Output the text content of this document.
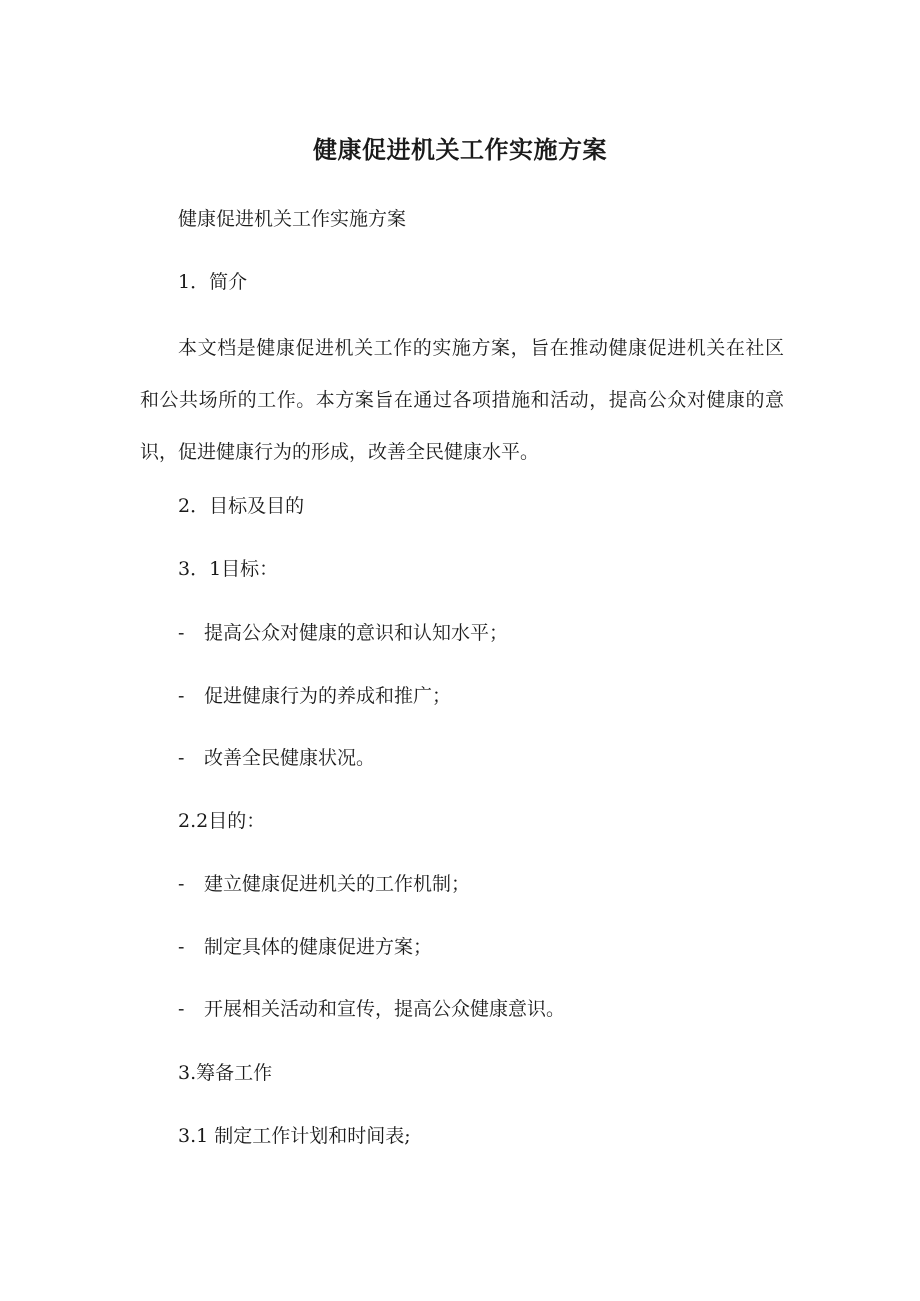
健康促进机关工作实施方案
健康促进机关工作实施方案
1．简介
本文档是健康促进机关工作的实施方案，旨在推动健康促进机关在社区和公共场所的工作。本方案旨在通过各项措施和活动，提高公众对健康的意识，促进健康行为的形成，改善全民健康水平。
2．目标及目的
3．1目标：
- 提高公众对健康的意识和认知水平；
- 促进健康行为的养成和推广；
- 改善全民健康状况。
2.2目的：
- 建立健康促进机关的工作机制；
- 制定具体的健康促进方案；
- 开展相关活动和宣传，提高公众健康意识。
3.筹备工作
3.1 制定工作计划和时间表;
